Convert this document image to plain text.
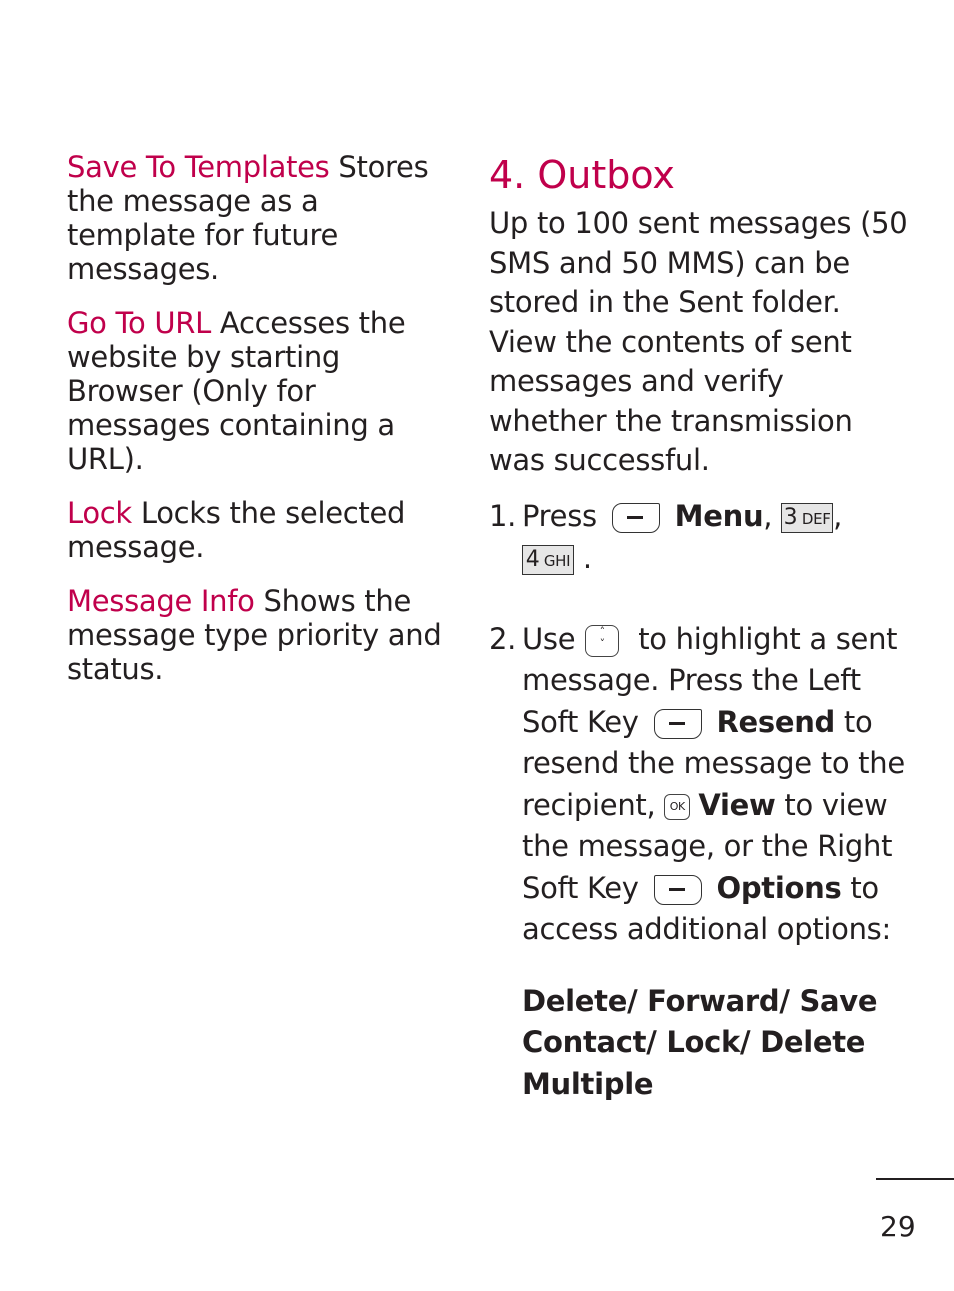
Save To Templates Stores the message as a template for future messages.

Go To URL Accesses the website by starting Browser (Only for messages containing a URL).

Lock Locks the selected message.

Message Info Shows the message type priority and status.

4. Outbox

Up to 100 sent messages (50 SMS and 50 MMS) can be stored in the Sent folder. View the contents of sent messages and verify whether the transmission was successful.

1. Press	Menu, 3 DEF,
4 GHI .
2. Use ˄
˅ to highlight a sent message. Press the Left Soft Key	Resend to resend the message to the recipient, OK View to view the message, or the Right Soft Key	Options to access additional options:
Delete/ Forward/ Save Contact/ Lock/ Delete Multiple
29
